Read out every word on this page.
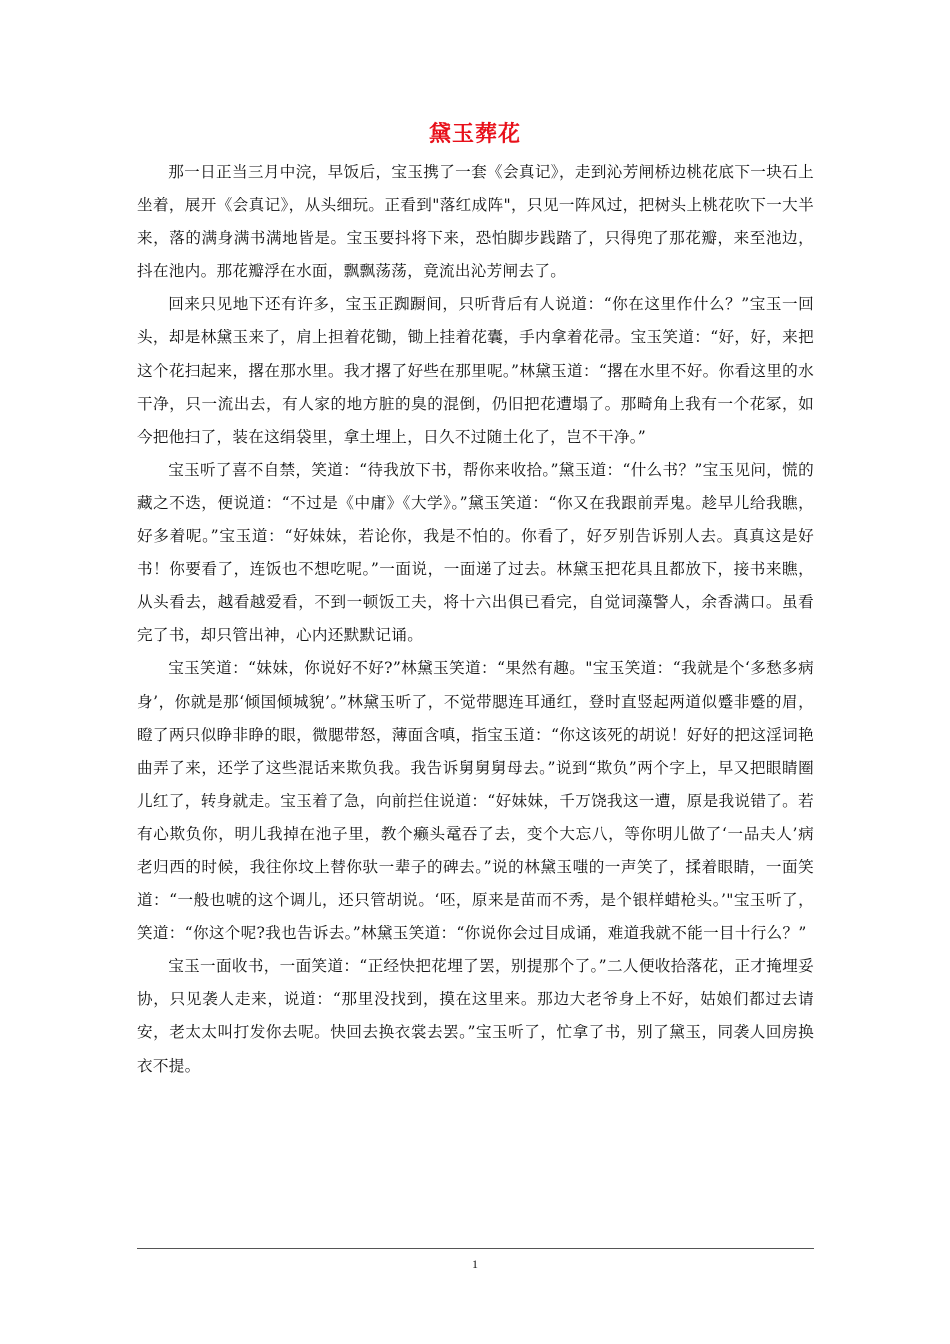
黛玉葬花

那一日正当三月中浣，早饭后，宝玉携了一套《会真记》，走到沁芳闸桥边桃花底下一块石上坐着，展开《会真记》，从头细玩。正看到"落红成阵"，只见一阵风过，把树头上桃花吹下一大半来，落的满身满书满地皆是。宝玉要抖将下来，恐怕脚步践踏了，只得兜了那花瓣，来至池边，抖在池内。那花瓣浮在水面，飘飘荡荡，竟流出沁芳闸去了。

回来只见地下还有许多，宝玉正踟蹰间，只听背后有人说道：“你在这里作什么？”宝玉一回头，却是林黛玉来了，肩上担着花锄，锄上挂着花囊，手内拿着花帚。宝玉笑道：“好，好，来把这个花扫起来，撂在那水里。我才撂了好些在那里呢。”林黛玉道：“撂在水里不好。你看这里的水干净，只一流出去，有人家的地方脏的臭的混倒，仍旧把花遭塌了。那畸角上我有一个花冢，如今把他扫了，装在这绢袋里，拿土埋上，日久不过随土化了，岂不干净。”

宝玉听了喜不自禁，笑道：“待我放下书，帮你来收拾。”黛玉道：“什么书？”宝玉见问，慌的藏之不迭，便说道：“不过是《中庸》《大学》。”黛玉笑道：“你又在我跟前弄鬼。趁早儿给我瞧，好多着呢。”宝玉道：“好妹妹，若论你，我是不怕的。你看了，好歹别告诉别人去。真真这是好书！你要看了，连饭也不想吃呢。”一面说，一面递了过去。林黛玉把花具且都放下，接书来瞧，从头看去，越看越爱看，不到一顿饭工夫，将十六出俱已看完，自觉词藻警人，余香满口。虽看完了书，却只管出神，心内还默默记诵。

宝玉笑道：“妹妹，你说好不好?”林黛玉笑道：“果然有趣。"宝玉笑道：“我就是个‘多愁多病身’，你就是那‘倾国倾城貌’。”林黛玉听了，不觉带腮连耳通红，登时直竖起两道似蹙非蹙的眉，瞪了两只似睁非睁的眼，微腮带怒，薄面含嗔，指宝玉道：“你这该死的胡说！好好的把这淫词艳曲弄了来，还学了这些混话来欺负我。我告诉舅舅舅母去。”说到“欺负”两个字上，早又把眼睛圈儿红了，转身就走。宝玉着了急，向前拦住说道：“好妹妹，千万饶我这一遭，原是我说错了。若有心欺负你，明儿我掉在池子里，教个癞头鼋吞了去，变个大忘八，等你明儿做了‘一品夫人’病老归西的时候，我往你坟上替你驮一辈子的碑去。”说的林黛玉嗤的一声笑了，揉着眼睛，一面笑道：“一般也唬的这个调儿，还只管胡说。‘呸，原来是苗而不秀，是个银样蜡枪头。’"宝玉听了，笑道：“你这个呢?我也告诉去。”林黛玉笑道：“你说你会过目成诵，难道我就不能一目十行么？”

宝玉一面收书，一面笑道：“正经快把花埋了罢，别提那个了。”二人便收拾落花，正才掩埋妥协，只见袭人走来，说道：“那里没找到，摸在这里来。那边大老爷身上不好，姑娘们都过去请安，老太太叫打发你去呢。快回去换衣裳去罢。”宝玉听了，忙拿了书，别了黛玉，同袭人回房换衣不提。

1
